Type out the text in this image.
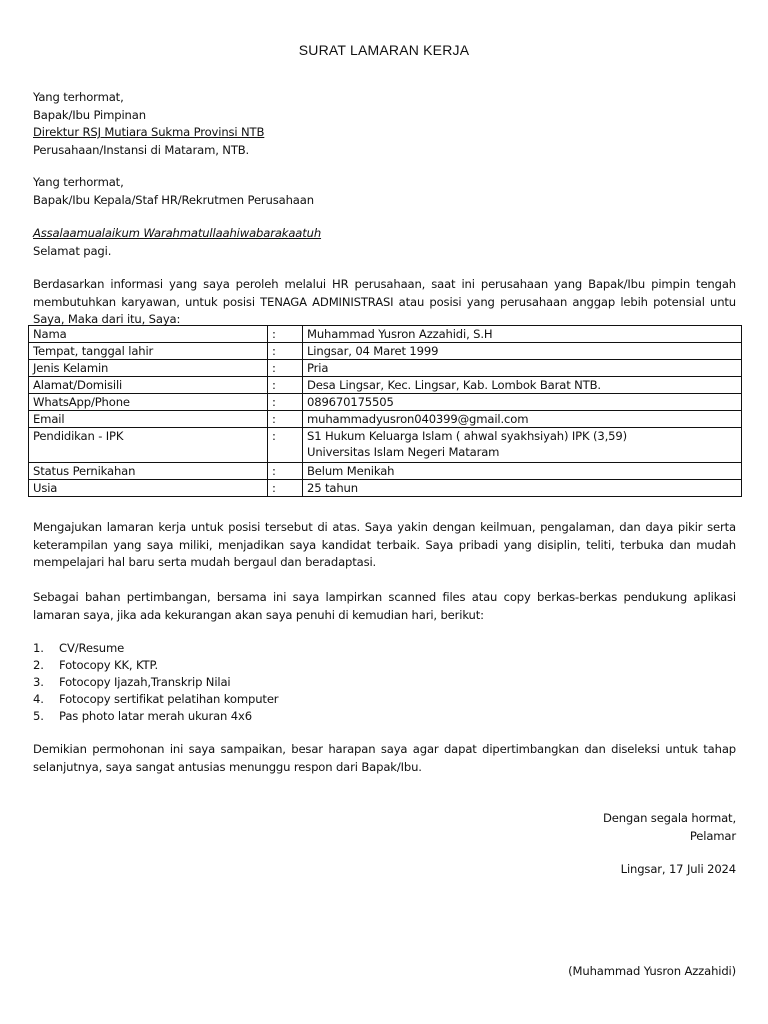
SURAT LAMARAN KERJA
Yang terhormat,
Bapak/Ibu Pimpinan
Direktur RSJ Mutiara Sukma Provinsi NTB
Perusahaan/Instansi di Mataram, NTB.
Yang terhormat,
Bapak/Ibu Kepala/Staf HR/Rekrutmen Perusahaan
Assalaamualaikum Warahmatullaahiwabarakaatuh
Selamat pagi.
Berdasarkan informasi yang saya peroleh melalui HR perusahaan, saat ini perusahaan yang Bapak/Ibu pimpin tengah membutuhkan karyawan, untuk posisi TENAGA ADMINISTRASI atau posisi yang perusahaan anggap lebih potensial untu Saya, Maka dari itu, Saya:
Nama	:	Muhammad Yusron Azzahidi, S.H
Tempat, tanggal lahir	:	Lingsar, 04 Maret 1999
Jenis Kelamin	:	Pria
Alamat/Domisili	:	Desa Lingsar, Kec. Lingsar, Kab. Lombok Barat NTB.
WhatsApp/Phone	:	089670175505
Email	:	muhammadyusron040399@gmail.com
Pendidikan - IPK	:	S1 Hukum Keluarga Islam ( ahwal syakhsiyah) IPK (3,59)
Universitas Islam Negeri Mataram

Status Pernikahan	:	Belum Menikah
Usia	:	25 tahun
Mengajukan lamaran kerja untuk posisi tersebut di atas. Saya yakin dengan keilmuan, pengalaman, dan daya pikir serta keterampilan yang saya miliki, menjadikan saya kandidat terbaik. Saya pribadi yang disiplin, teliti, terbuka dan mudah mempelajari hal baru serta mudah bergaul dan beradaptasi.
Sebagai bahan pertimbangan, bersama ini saya lampirkan scanned files atau copy berkas-berkas pendukung aplikasi lamaran saya, jika ada kekurangan akan saya penuhi di kemudian hari, berikut:
1.	CV/Resume
2.	Fotocopy KK, KTP.
3.	Fotocopy Ijazah,Transkrip Nilai
4.	Fotocopy sertifikat pelatihan komputer
5.	Pas photo latar merah ukuran 4x6
Demikian permohonan ini saya sampaikan, besar harapan saya agar dapat dipertimbangkan dan diseleksi untuk tahap selanjutnya, saya sangat antusias menunggu respon dari Bapak/Ibu.
Dengan segala hormat,
Pelamar
Lingsar, 17 Juli 2024
(Muhammad Yusron Azzahidi)
